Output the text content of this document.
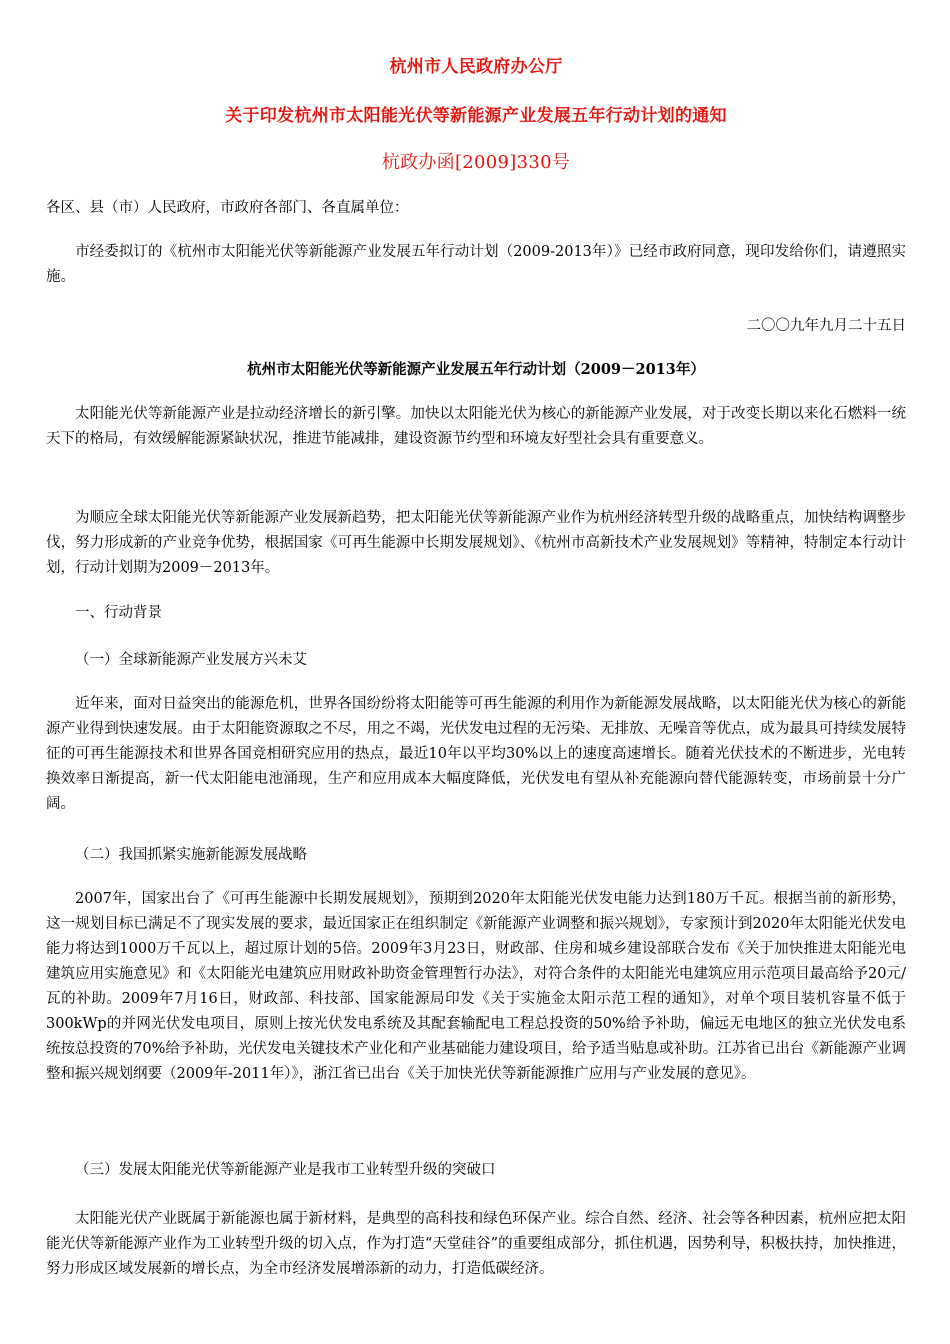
杭州市人民政府办公厅
关于印发杭州市太阳能光伏等新能源产业发展五年行动计划的通知
杭政办函[2009]330号

各区、县（市）人民政府，市政府各部门、各直属单位：

市经委拟订的《杭州市太阳能光伏等新能源产业发展五年行动计划（2009-2013年）》已经市政府同意，现印发给你们，请遵照实施。

二〇〇九年九月二十五日

杭州市太阳能光伏等新能源产业发展五年行动计划（2009－2013年）

太阳能光伏等新能源产业是拉动经济增长的新引擎。加快以太阳能光伏为核心的新能源产业发展，对于改变长期以来化石燃料一统天下的格局，有效缓解能源紧缺状况，推进节能减排，建设资源节约型和环境友好型社会具有重要意义。

为顺应全球太阳能光伏等新能源产业发展新趋势，把太阳能光伏等新能源产业作为杭州经济转型升级的战略重点，加快结构调整步伐，努力形成新的产业竞争优势，根据国家《可再生能源中长期发展规划》、《杭州市高新技术产业发展规划》等精神，特制定本行动计划，行动计划期为2009－2013年。

一、行动背景

（一）全球新能源产业发展方兴未艾

近年来，面对日益突出的能源危机，世界各国纷纷将太阳能等可再生能源的利用作为新能源发展战略，以太阳能光伏为核心的新能源产业得到快速发展。由于太阳能资源取之不尽，用之不竭，光伏发电过程的无污染、无排放、无噪音等优点，成为最具可持续发展特征的可再生能源技术和世界各国竞相研究应用的热点，最近10年以平均30%以上的速度高速增长。随着光伏技术的不断进步，光电转换效率日渐提高，新一代太阳能电池涌现，生产和应用成本大幅度降低，光伏发电有望从补充能源向替代能源转变，市场前景十分广阔。

（二）我国抓紧实施新能源发展战略

2007年，国家出台了《可再生能源中长期发展规划》，预期到2020年太阳能光伏发电能力达到180万千瓦。根据当前的新形势，这一规划目标已满足不了现实发展的要求，最近国家正在组织制定《新能源产业调整和振兴规划》，专家预计到2020年太阳能光伏发电能力将达到1000万千瓦以上，超过原计划的5倍。2009年3月23日，财政部、住房和城乡建设部联合发布《关于加快推进太阳能光电建筑应用实施意见》和《太阳能光电建筑应用财政补助资金管理暂行办法》，对符合条件的太阳能光电建筑应用示范项目最高给予20元/瓦的补助。2009年7月16日，财政部、科技部、国家能源局印发《关于实施金太阳示范工程的通知》，对单个项目装机容量不低于300kWp的并网光伏发电项目，原则上按光伏发电系统及其配套输配电工程总投资的50%给予补助，偏远无电地区的独立光伏发电系统按总投资的70%给予补助，光伏发电关键技术产业化和产业基础能力建设项目，给予适当贴息或补助。江苏省已出台《新能源产业调整和振兴规划纲要（2009年-2011年）》，浙江省已出台《关于加快光伏等新能源推广应用与产业发展的意见》。

（三）发展太阳能光伏等新能源产业是我市工业转型升级的突破口

太阳能光伏产业既属于新能源也属于新材料，是典型的高科技和绿色环保产业。综合自然、经济、社会等各种因素，杭州应把太阳能光伏等新能源产业作为工业转型升级的切入点，作为打造“天堂硅谷”的重要组成部分，抓住机遇，因势利导，积极扶持，加快推进，努力形成区域发展新的增长点，为全市经济发展增添新的动力，打造低碳经济。
